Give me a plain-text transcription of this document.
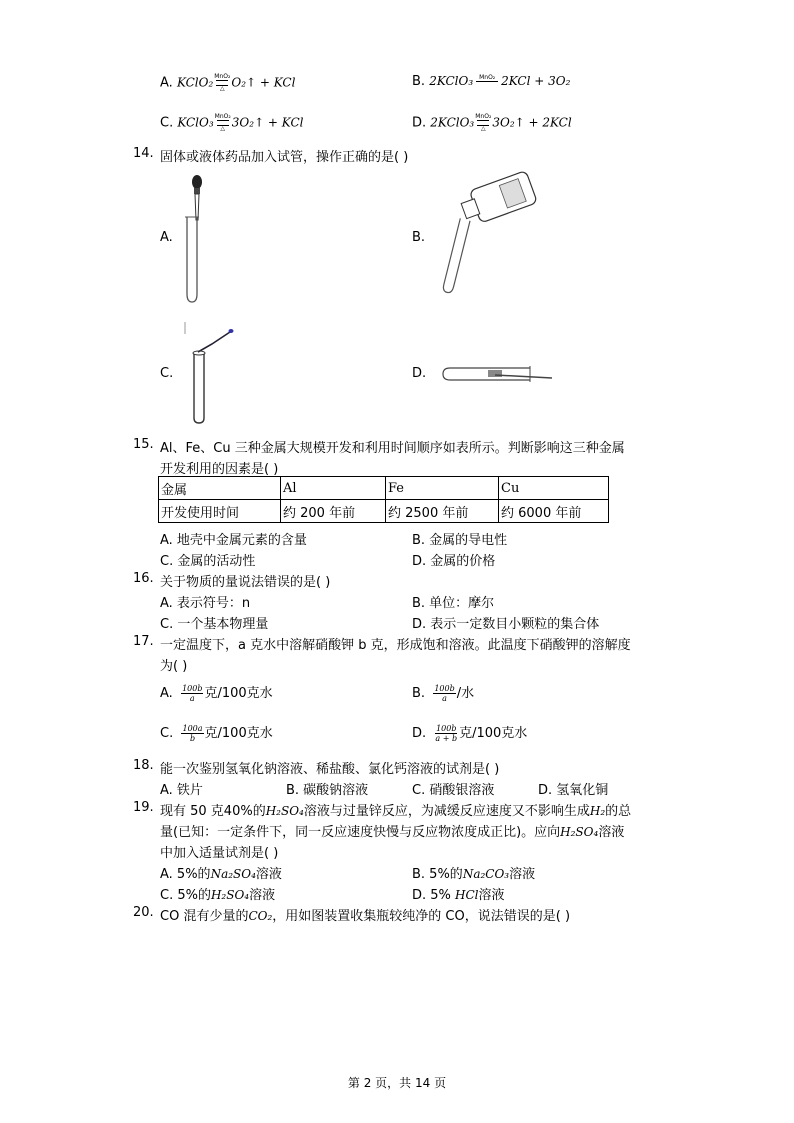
A. KClO₂ MnO₂
△ O₂↑ + KCl	B. 2KClO₃ MnO₂
2KCl + 3O₂
C. KClO₃ MnO₂
△ 3O₂↑ + KCl	D. 2KClO₃ MnO₂
△ 3O₂↑ + 2KCl
14. 固体或液体药品加入试管，操作正确的是( )
A.	B.
C.	D.
15. Al、Fe、Cu 三种金属大规模开发和利用时间顺序如表所示。判断影响这三种金属
开发利用的因素是( )
金属	Al	Fe	Cu
开发使用时间	约 200 年前	约 2500 年前	约 6000 年前
A. 地壳中金属元素的含量	B. 金属的导电性
C. 金属的活动性	D. 金属的价格
16. 关于物质的量说法错误的是( )
A. 表示符号：n	B. 单位：摩尔
C. 一个基本物理量	D. 表示一定数目小颗粒的集合体
17. 一定温度下，a 克水中溶解硝酸钾 b 克，形成饱和溶液。此温度下硝酸钾的溶解度
为( )
A. $\frac{100b}{a}$ 克/100克水	B. $\frac{100b}{a}$ /水
C. $\frac{100a}{b}$ 克/100克水	D. $\frac{100b}{a + b}$ 克/100克水
18. 能一次鉴别氢氧化钠溶液、稀盐酸、氯化钙溶液的试剂是( )
A. 铁片	B. 碳酸钠溶液	C. 硝酸银溶液	D. 氢氧化铜
19. 现有 50 克40%的H₂SO₄溶液与过量锌反应，为减缓反应速度又不影响生成H₂的总
量(已知：一定条件下，同一反应速度快慢与反应物浓度成正比)。应向H₂SO₄溶液
中加入适量试剂是( )
A. 5%的Na₂SO₄溶液	B. 5%的Na₂CO₃溶液
C. 5%的H₂SO₄溶液	D. 5% HCl溶液
20. CO 混有少量的CO₂，用如图装置收集瓶较纯净的 CO，说法错误的是( )
第 2 页，共 14 页
